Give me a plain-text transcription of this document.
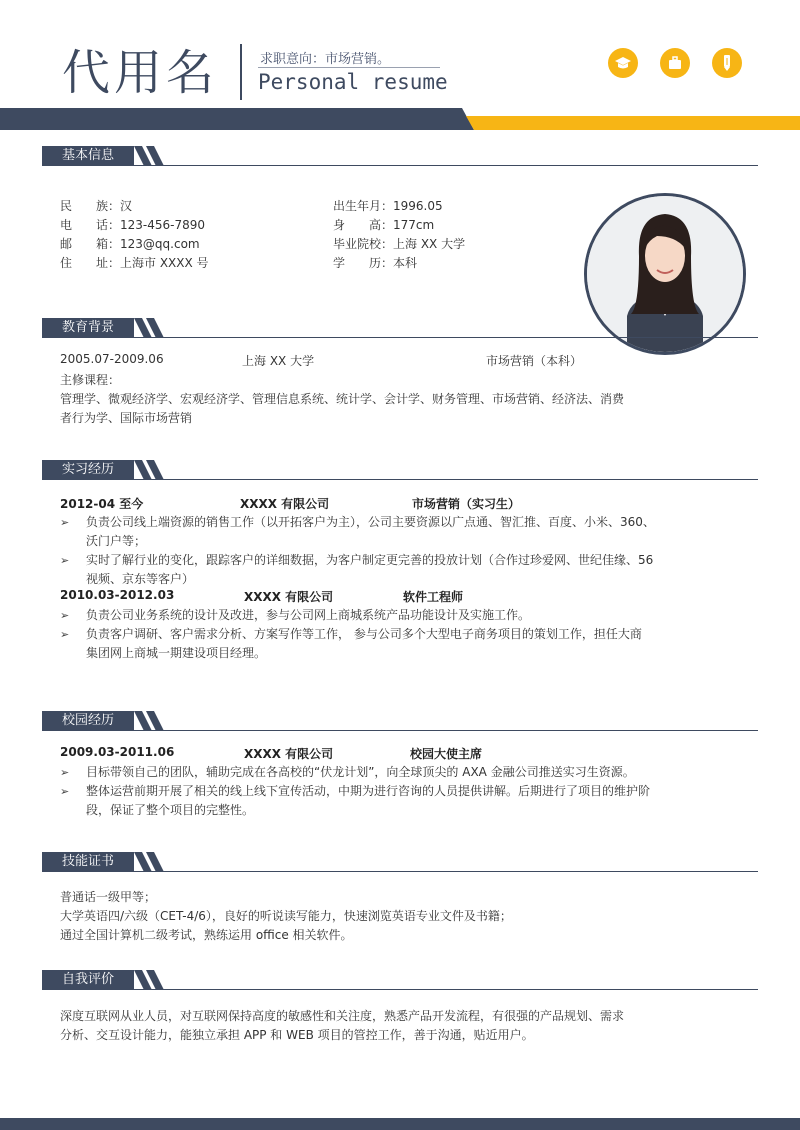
代用名	求职意向：市场营销。
Personal resume
基本信息
民　　族：汉
电　　话：123-456-7890
邮　　箱：123@qq.com
住　　址：上海市 XXXX 号
出生年月：1996.05
身　　高：177cm
毕业院校：上海 XX 大学
学　　历：本科
教育背景
2005.07-2009.06	上海 XX 大学	市场营销（本科）
主修课程：
管理学、微观经济学、宏观经济学、管理信息系统、统计学、会计学、财务管理、市场营销、经济法、消费
者行为学、国际市场营销
实习经历
2012-04 至今	XXXX 有限公司	市场营销（实习生）
➢ 负责公司线上端资源的销售工作（以开拓客户为主），公司主要资源以广点通、智汇推、百度、小米、360、
沃门户等；
➢ 实时了解行业的变化，跟踪客户的详细数据，为客户制定更完善的投放计划（合作过珍爱网、世纪佳缘、56
视频、京东等客户）
2010.03-2012.03	XXXX 有限公司	软件工程师
➢ 负责公司业务系统的设计及改进，参与公司网上商城系统产品功能设计及实施工作。
➢ 负责客户调研、客户需求分析、方案写作等工作， 参与公司多个大型电子商务项目的策划工作，担任大商
集团网上商城一期建设项目经理。
校园经历
2009.03-2011.06	XXXX 有限公司	校园大使主席
➢ 目标带领自己的团队，辅助完成在各高校的“伏龙计划”，向全球顶尖的 AXA 金融公司推送实习生资源。
➢ 整体运营前期开展了相关的线上线下宣传活动，中期为进行咨询的人员提供讲解。后期进行了项目的维护阶
段，保证了整个项目的完整性。
技能证书
普通话一级甲等；
大学英语四/六级（CET-4/6），良好的听说读写能力，快速浏览英语专业文件及书籍；
通过全国计算机二级考试，熟练运用 office 相关软件。
自我评价
深度互联网从业人员，对互联网保持高度的敏感性和关注度，熟悉产品开发流程，有很强的产品规划、需求
分析、交互设计能力，能独立承担 APP 和 WEB 项目的管控工作，善于沟通，贴近用户。
